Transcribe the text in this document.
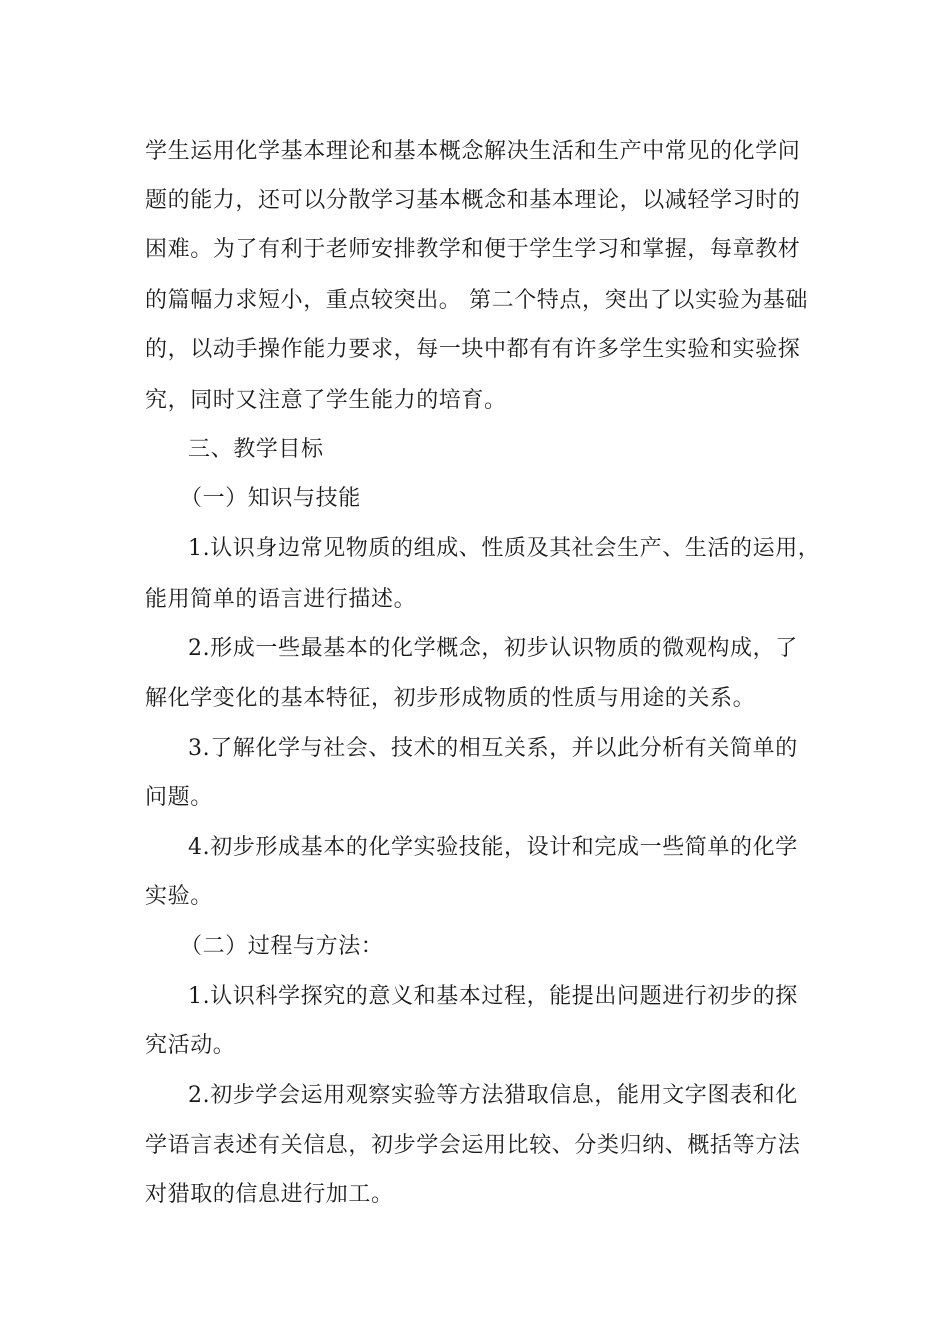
学生运用化学基本理论和基本概念解决生活和生产中常见的化学问
题的能力，还可以分散学习基本概念和基本理论，以减轻学习时的
困难。为了有利于老师安排教学和便于学生学习和掌握，每章教材
的篇幅力求短小，重点较突出。 第二个特点，突出了以实验为基础
的，以动手操作能力要求，每一块中都有有许多学生实验和实验探
究，同时又注意了学生能力的培育。
三、教学目标
（一）知识与技能
1.认识身边常见物质的组成、性质及其社会生产、生活的运用，
能用简单的语言进行描述。
2.形成一些最基本的化学概念，初步认识物质的微观构成，了
解化学变化的基本特征，初步形成物质的性质与用途的关系。
3.了解化学与社会、技术的相互关系，并以此分析有关简单的
问题。
4.初步形成基本的化学实验技能，设计和完成一些简单的化学
实验。
（二）过程与方法：
1.认识科学探究的意义和基本过程，能提出问题进行初步的探
究活动。
2.初步学会运用观察实验等方法猎取信息，能用文字图表和化
学语言表述有关信息，初步学会运用比较、分类归纳、概括等方法
对猎取的信息进行加工。
